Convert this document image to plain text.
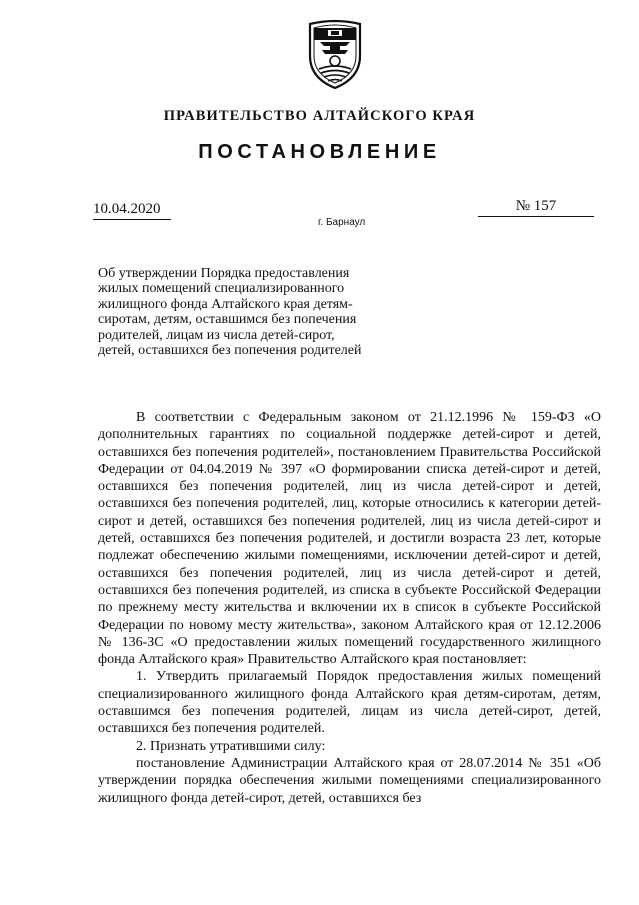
ПРАВИТЕЛЬСТВО АЛТАЙСКОГО КРАЯ
ПОСТАНОВЛЕНИЕ
10.04.2020	№ 157
г. Барнаул
Об утверждении Порядка предоставления жилых помещений специализированного жилищного фонда Алтайского края детям-сиротам, детям, оставшимся без попечения родителей, лицам из числа детей-сирот, детей, оставшихся без попечения родителей

В соответствии с Федеральным законом от 21.12.1996 № 159-ФЗ «О дополнительных гарантиях по социальной поддержке детей-сирот и детей, оставшихся без попечения родителей», постановлением Правительства Российской Федерации от 04.04.2019 № 397 «О формировании списка детей-сирот и детей, оставшихся без попечения родителей, лиц из числа детей-сирот и детей, оставшихся без попечения родителей, лиц, которые относились к категории детей-сирот и детей, оставшихся без попечения родителей, лиц из числа детей-сирот и детей, оставшихся без попечения родителей, и достигли возраста 23 лет, которые подлежат обеспечению жилыми помещениями, исключении детей-сирот и детей, оставшихся без попечения родителей, лиц из числа детей-сирот и детей, оставшихся без попечения родителей, из списка в субъекте Российской Федерации по прежнему месту жительства и включении их в список в субъекте Российской Федерации по новому месту жительства», законом Алтайского края от 12.12.2006 № 136-ЗС «О предоставлении жилых помещений государственного жилищного фонда Алтайского края» Правительство Алтайского края постановляет:

1. Утвердить прилагаемый Порядок предоставления жилых помещений специализированного жилищного фонда Алтайского края детям-сиротам, детям, оставшимся без попечения родителей, лицам из числа детей-сирот, детей, оставшихся без попечения родителей.

2. Признать утратившими силу:

постановление Администрации Алтайского края от 28.07.2014 № 351 «Об утверждении порядка обеспечения жилыми помещениями специализированного жилищного фонда детей-сирот, детей, оставшихся без
